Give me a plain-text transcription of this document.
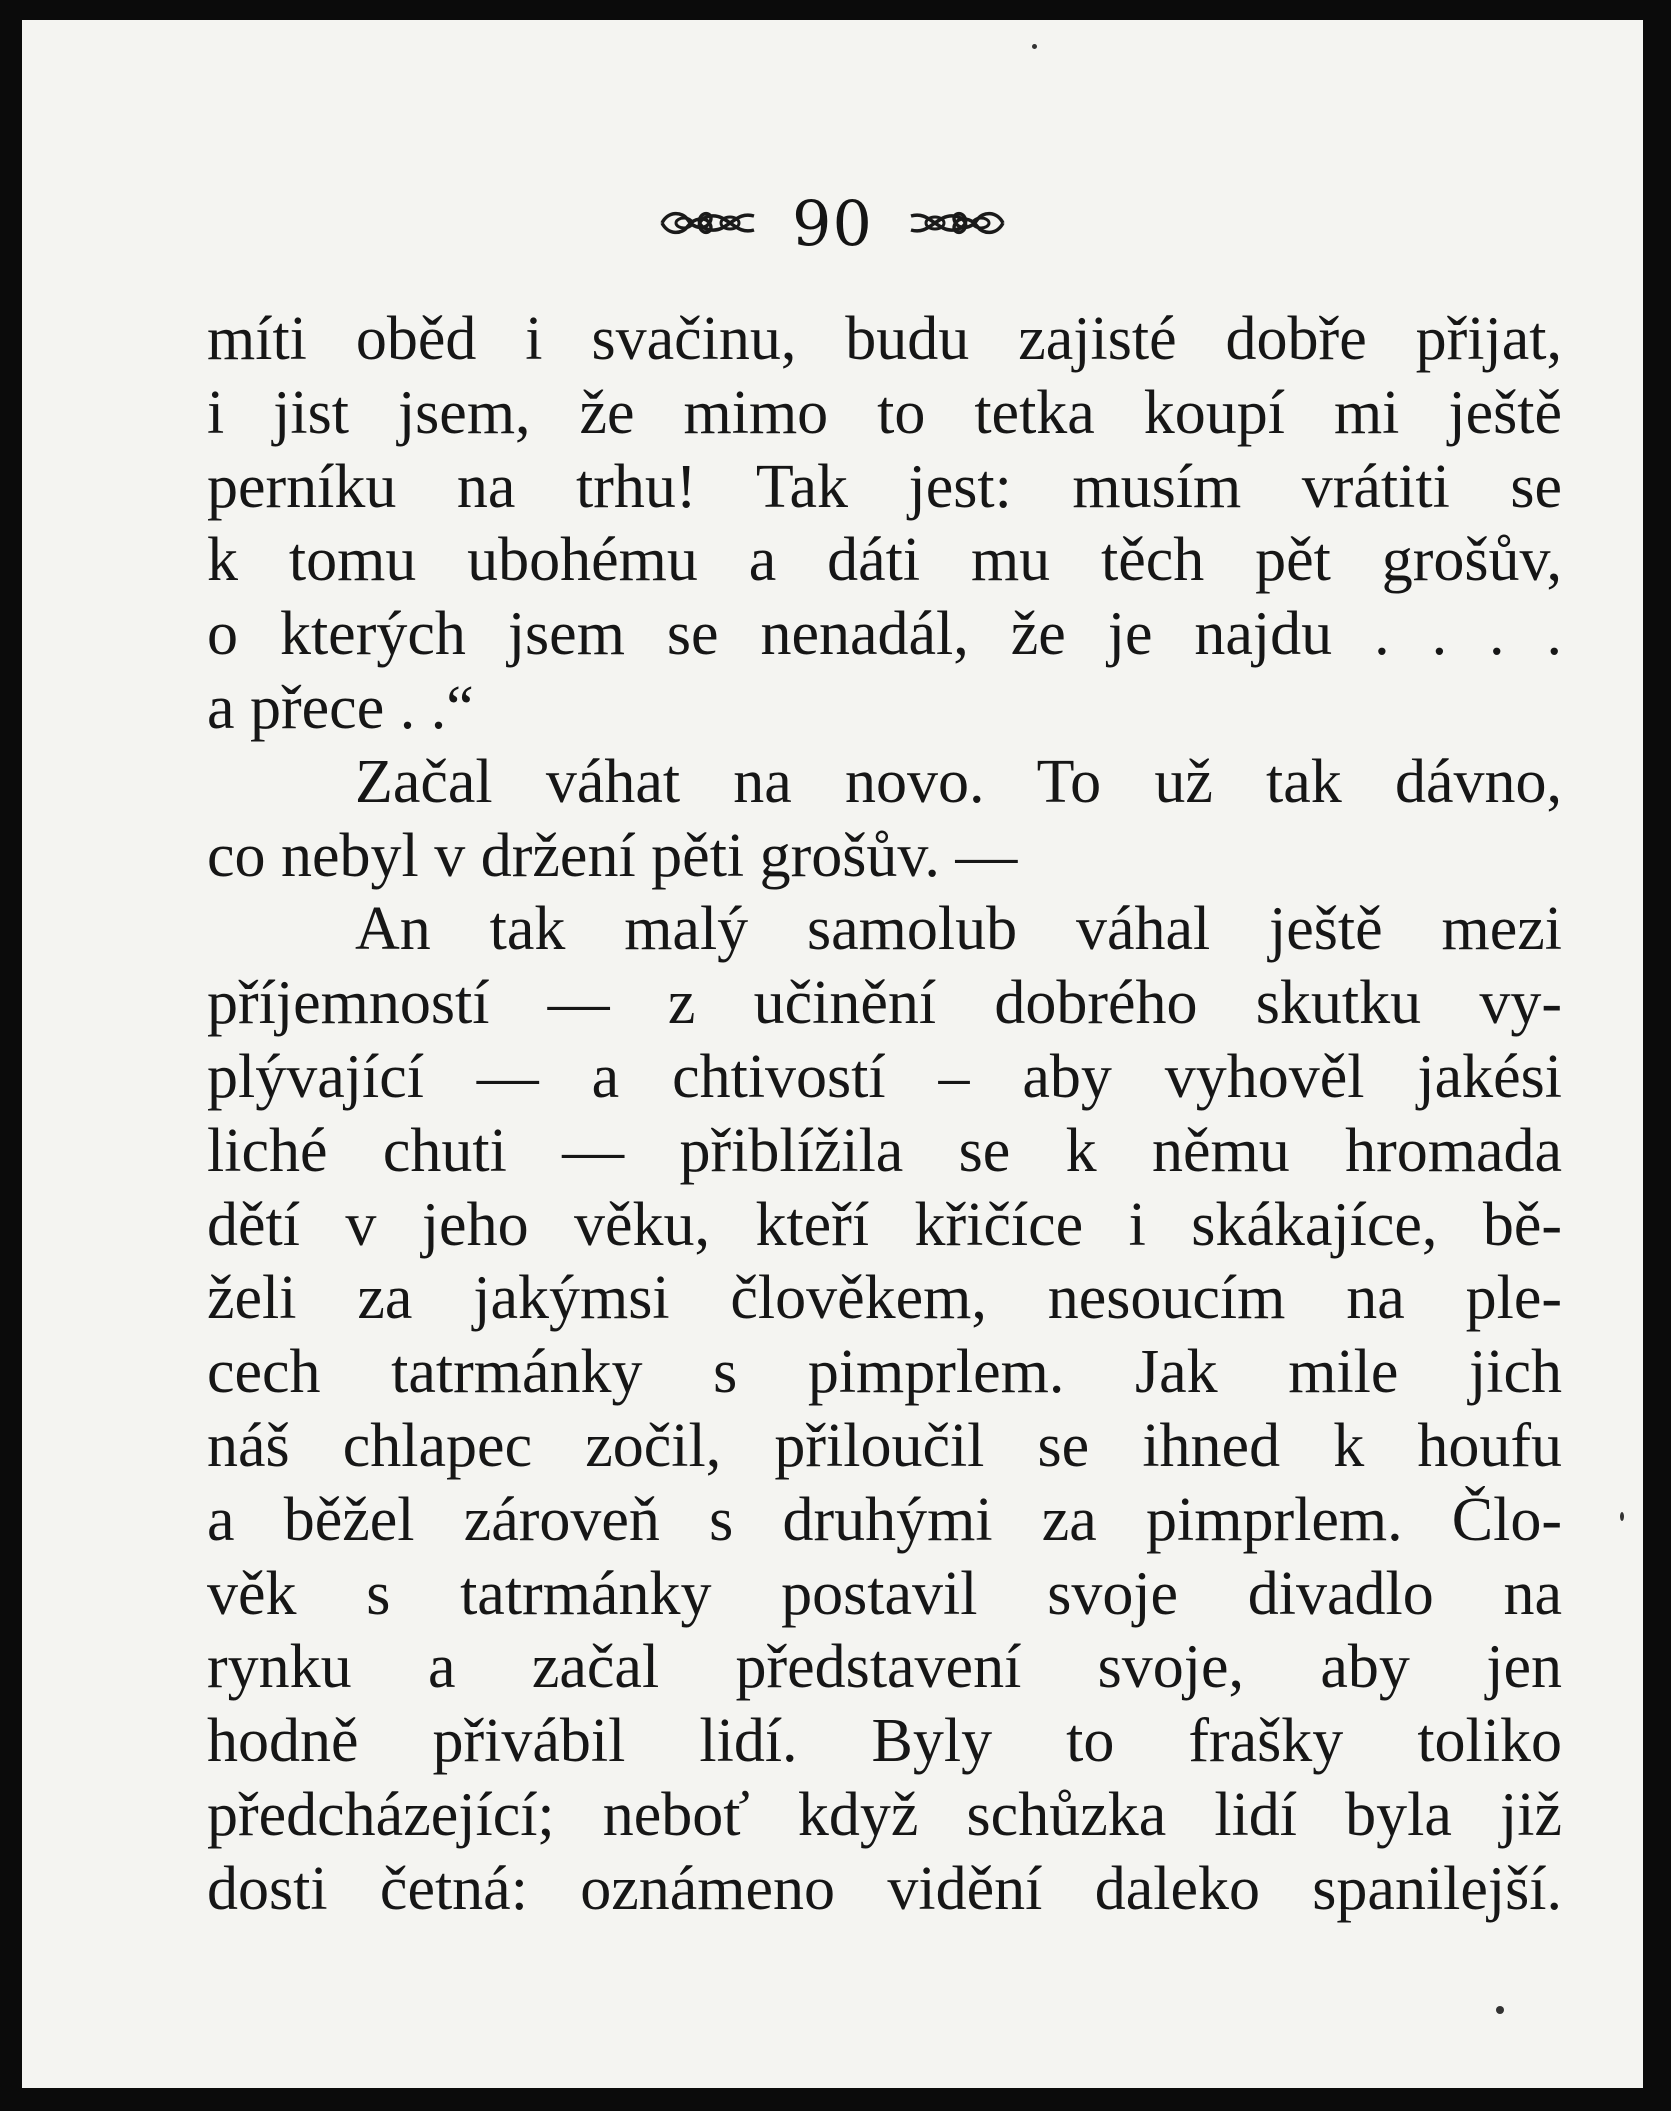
90
míti oběd i svačinu, budu zajisté dobře přijat,
i jist jsem, že mimo to tetka koupí mi ještě
perníku na trhu! Tak jest: musím vrátiti se
k tomu ubohému a dáti mu těch pět grošův,
o kterých jsem se nenadál, že je najdu . . . .
a přece . .“
Začal váhat na novo. To už tak dávno,
co nebyl v držení pěti grošův. —
An tak malý samolub váhal ještě mezi
příjemností — z učinění dobrého skutku vy-
plývající — a chtivostí – aby vyhověl jakési
liché chuti — přiblížila se k němu hromada
dětí v jeho věku, kteří křičíce i skákajíce, bě-
želi za jakýmsi člověkem, nesoucím na ple-
cech tatrmánky s pimprlem. Jak mile jich
náš chlapec zočil, přiloučil se ihned k houfu
a běžel zároveň s druhými za pimprlem. Člo-
věk s tatrmánky postavil svoje divadlo na
rynku a začal představení svoje, aby jen
hodně přivábil lidí. Byly to frašky toliko
předcházející; neboť když schůzka lidí byla již
dosti četná: oznámeno vidění daleko spanilejší.
